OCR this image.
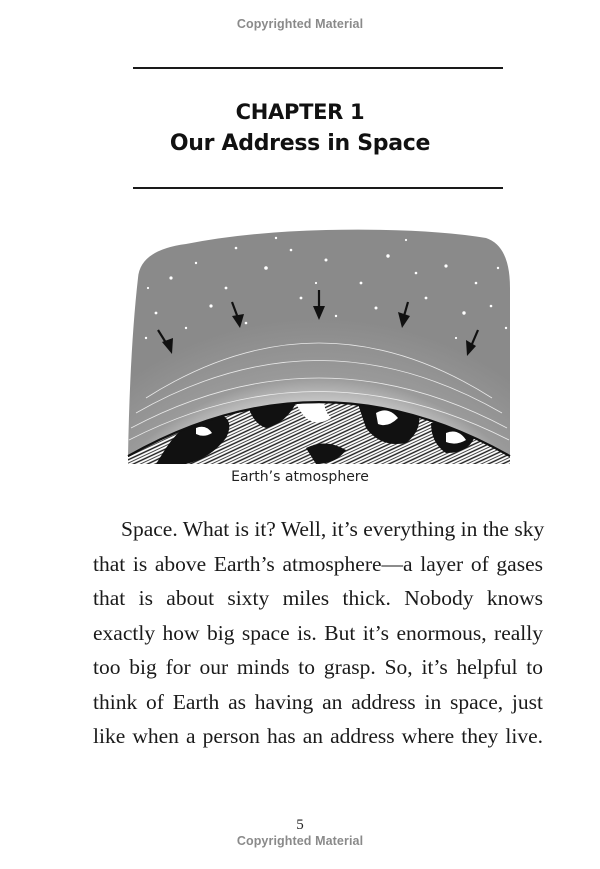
Copyrighted Material
CHAPTER 1
Our Address in Space
Earth’s atmosphere
Space. What is it? Well, it’s everything in the sky
that is above Earth’s atmosphere—a layer of gases
that is about sixty miles thick. Nobody knows
exactly how big space is. But it’s enormous, really
too big for our minds to grasp. So, it’s helpful to
think of Earth as having an address in space, just
like when a person has an address where they live.
5
Copyrighted Material
